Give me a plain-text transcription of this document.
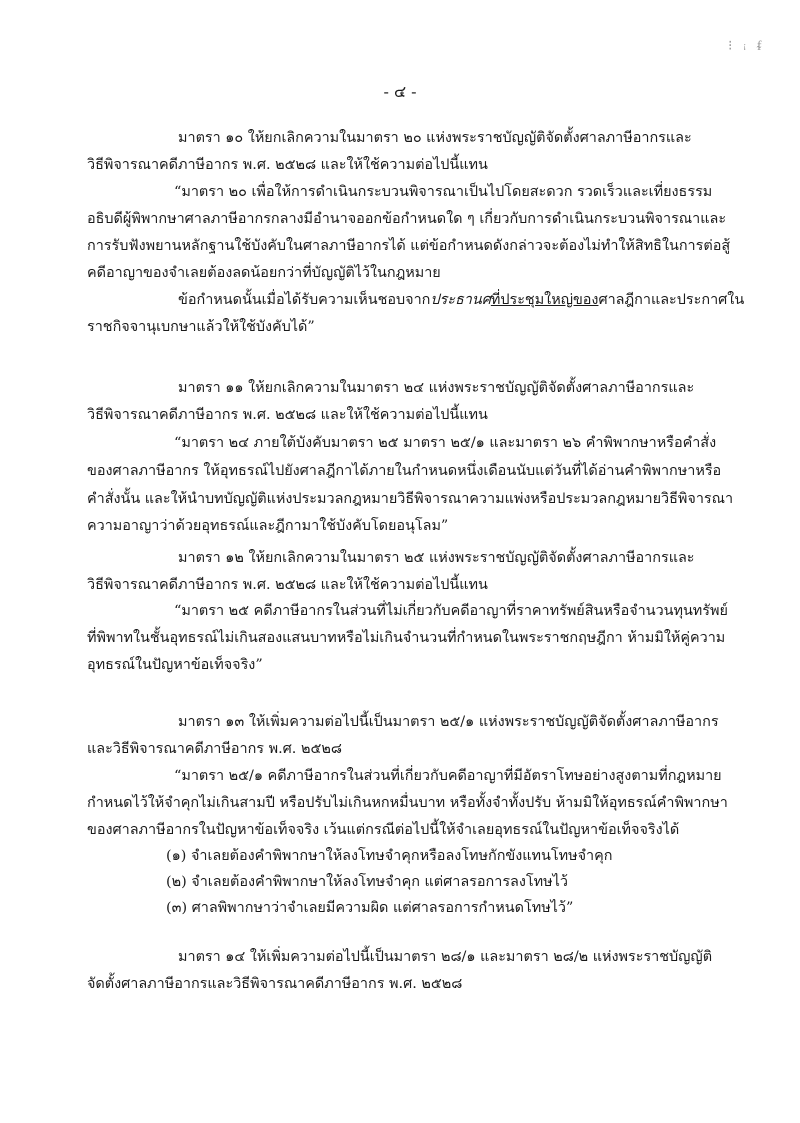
⁝ ꜟ ᵮ
- ๔ -
มาตรา ๑๐ ให้ยกเลิกความในมาตรา ๒๐ แห่งพระราชบัญญัติจัดตั้งศาลภาษีอากรและ
วิธีพิจารณาคดีภาษีอากร พ.ศ. ๒๕๒๘ และให้ใช้ความต่อไปนี้แทน
“มาตรา ๒๐ เพื่อให้การดำเนินกระบวนพิจารณาเป็นไปโดยสะดวก รวดเร็วและเที่ยงธรรม
อธิบดีผู้พิพากษาศาลภาษีอากรกลางมีอำนาจออกข้อกำหนดใด ๆ เกี่ยวกับการดำเนินกระบวนพิจารณาและ
การรับฟังพยานหลักฐานใช้บังคับในศาลภาษีอากรได้ แต่ข้อกำหนดดังกล่าวจะต้องไม่ทำให้สิทธิในการต่อสู้
คดีอาญาของจำเลยต้องลดน้อยกว่าที่บัญญัติไว้ในกฎหมาย
ข้อกำหนดนั้นเมื่อได้รับความเห็นชอบจากประธานศที่ประชุมใหญ่ของศาลฎีกาและประกาศใน
ราชกิจจานุเบกษาแล้วให้ใช้บังคับได้”
มาตรา ๑๑ ให้ยกเลิกความในมาตรา ๒๔ แห่งพระราชบัญญัติจัดตั้งศาลภาษีอากรและ
วิธีพิจารณาคดีภาษีอากร พ.ศ. ๒๕๒๘ และให้ใช้ความต่อไปนี้แทน
“มาตรา ๒๔ ภายใต้บังคับมาตรา ๒๕ มาตรา ๒๕/๑ และมาตรา ๒๖ คำพิพากษาหรือคำสั่ง
ของศาลภาษีอากร ให้อุทธรณ์ไปยังศาลฎีกาได้ภายในกำหนดหนึ่งเดือนนับแต่วันที่ได้อ่านคำพิพากษาหรือ
คำสั่งนั้น และให้นำบทบัญญัติแห่งประมวลกฎหมายวิธีพิจารณาความแพ่งหรือประมวลกฎหมายวิธีพิจารณา
ความอาญาว่าด้วยอุทธรณ์และฎีกามาใช้บังคับโดยอนุโลม”
มาตรา ๑๒ ให้ยกเลิกความในมาตรา ๒๕ แห่งพระราชบัญญัติจัดตั้งศาลภาษีอากรและ
วิธีพิจารณาคดีภาษีอากร พ.ศ. ๒๕๒๘ และให้ใช้ความต่อไปนี้แทน
“มาตรา ๒๕ คดีภาษีอากรในส่วนที่ไม่เกี่ยวกับคดีอาญาที่ราคาทรัพย์สินหรือจำนวนทุนทรัพย์
ที่พิพาทในชั้นอุทธรณ์ไม่เกินสองแสนบาทหรือไม่เกินจำนวนที่กำหนดในพระราชกฤษฎีกา ห้ามมิให้คู่ความ
อุทธรณ์ในปัญหาข้อเท็จจริง”
มาตรา ๑๓ ให้เพิ่มความต่อไปนี้เป็นมาตรา ๒๕/๑ แห่งพระราชบัญญัติจัดตั้งศาลภาษีอากร
และวิธีพิจารณาคดีภาษีอากร พ.ศ. ๒๕๒๘
“มาตรา ๒๕/๑ คดีภาษีอากรในส่วนที่เกี่ยวกับคดีอาญาที่มีอัตราโทษอย่างสูงตามที่กฎหมาย
กำหนดไว้ให้จำคุกไม่เกินสามปี หรือปรับไม่เกินหกหมื่นบาท หรือทั้งจำทั้งปรับ ห้ามมิให้อุทธรณ์คำพิพากษา
ของศาลภาษีอากรในปัญหาข้อเท็จจริง เว้นแต่กรณีต่อไปนี้ให้จำเลยอุทธรณ์ในปัญหาข้อเท็จจริงได้
(๑) จำเลยต้องคำพิพากษาให้ลงโทษจำคุกหรือลงโทษกักขังแทนโทษจำคุก
(๒) จำเลยต้องคำพิพากษาให้ลงโทษจำคุก แต่ศาลรอการลงโทษไว้
(๓) ศาลพิพากษาว่าจำเลยมีความผิด แต่ศาลรอการกำหนดโทษไว้”
มาตรา ๑๔ ให้เพิ่มความต่อไปนี้เป็นมาตรา ๒๘/๑ และมาตรา ๒๘/๒ แห่งพระราชบัญญัติ
จัดตั้งศาลภาษีอากรและวิธีพิจารณาคดีภาษีอากร พ.ศ. ๒๕๒๘
